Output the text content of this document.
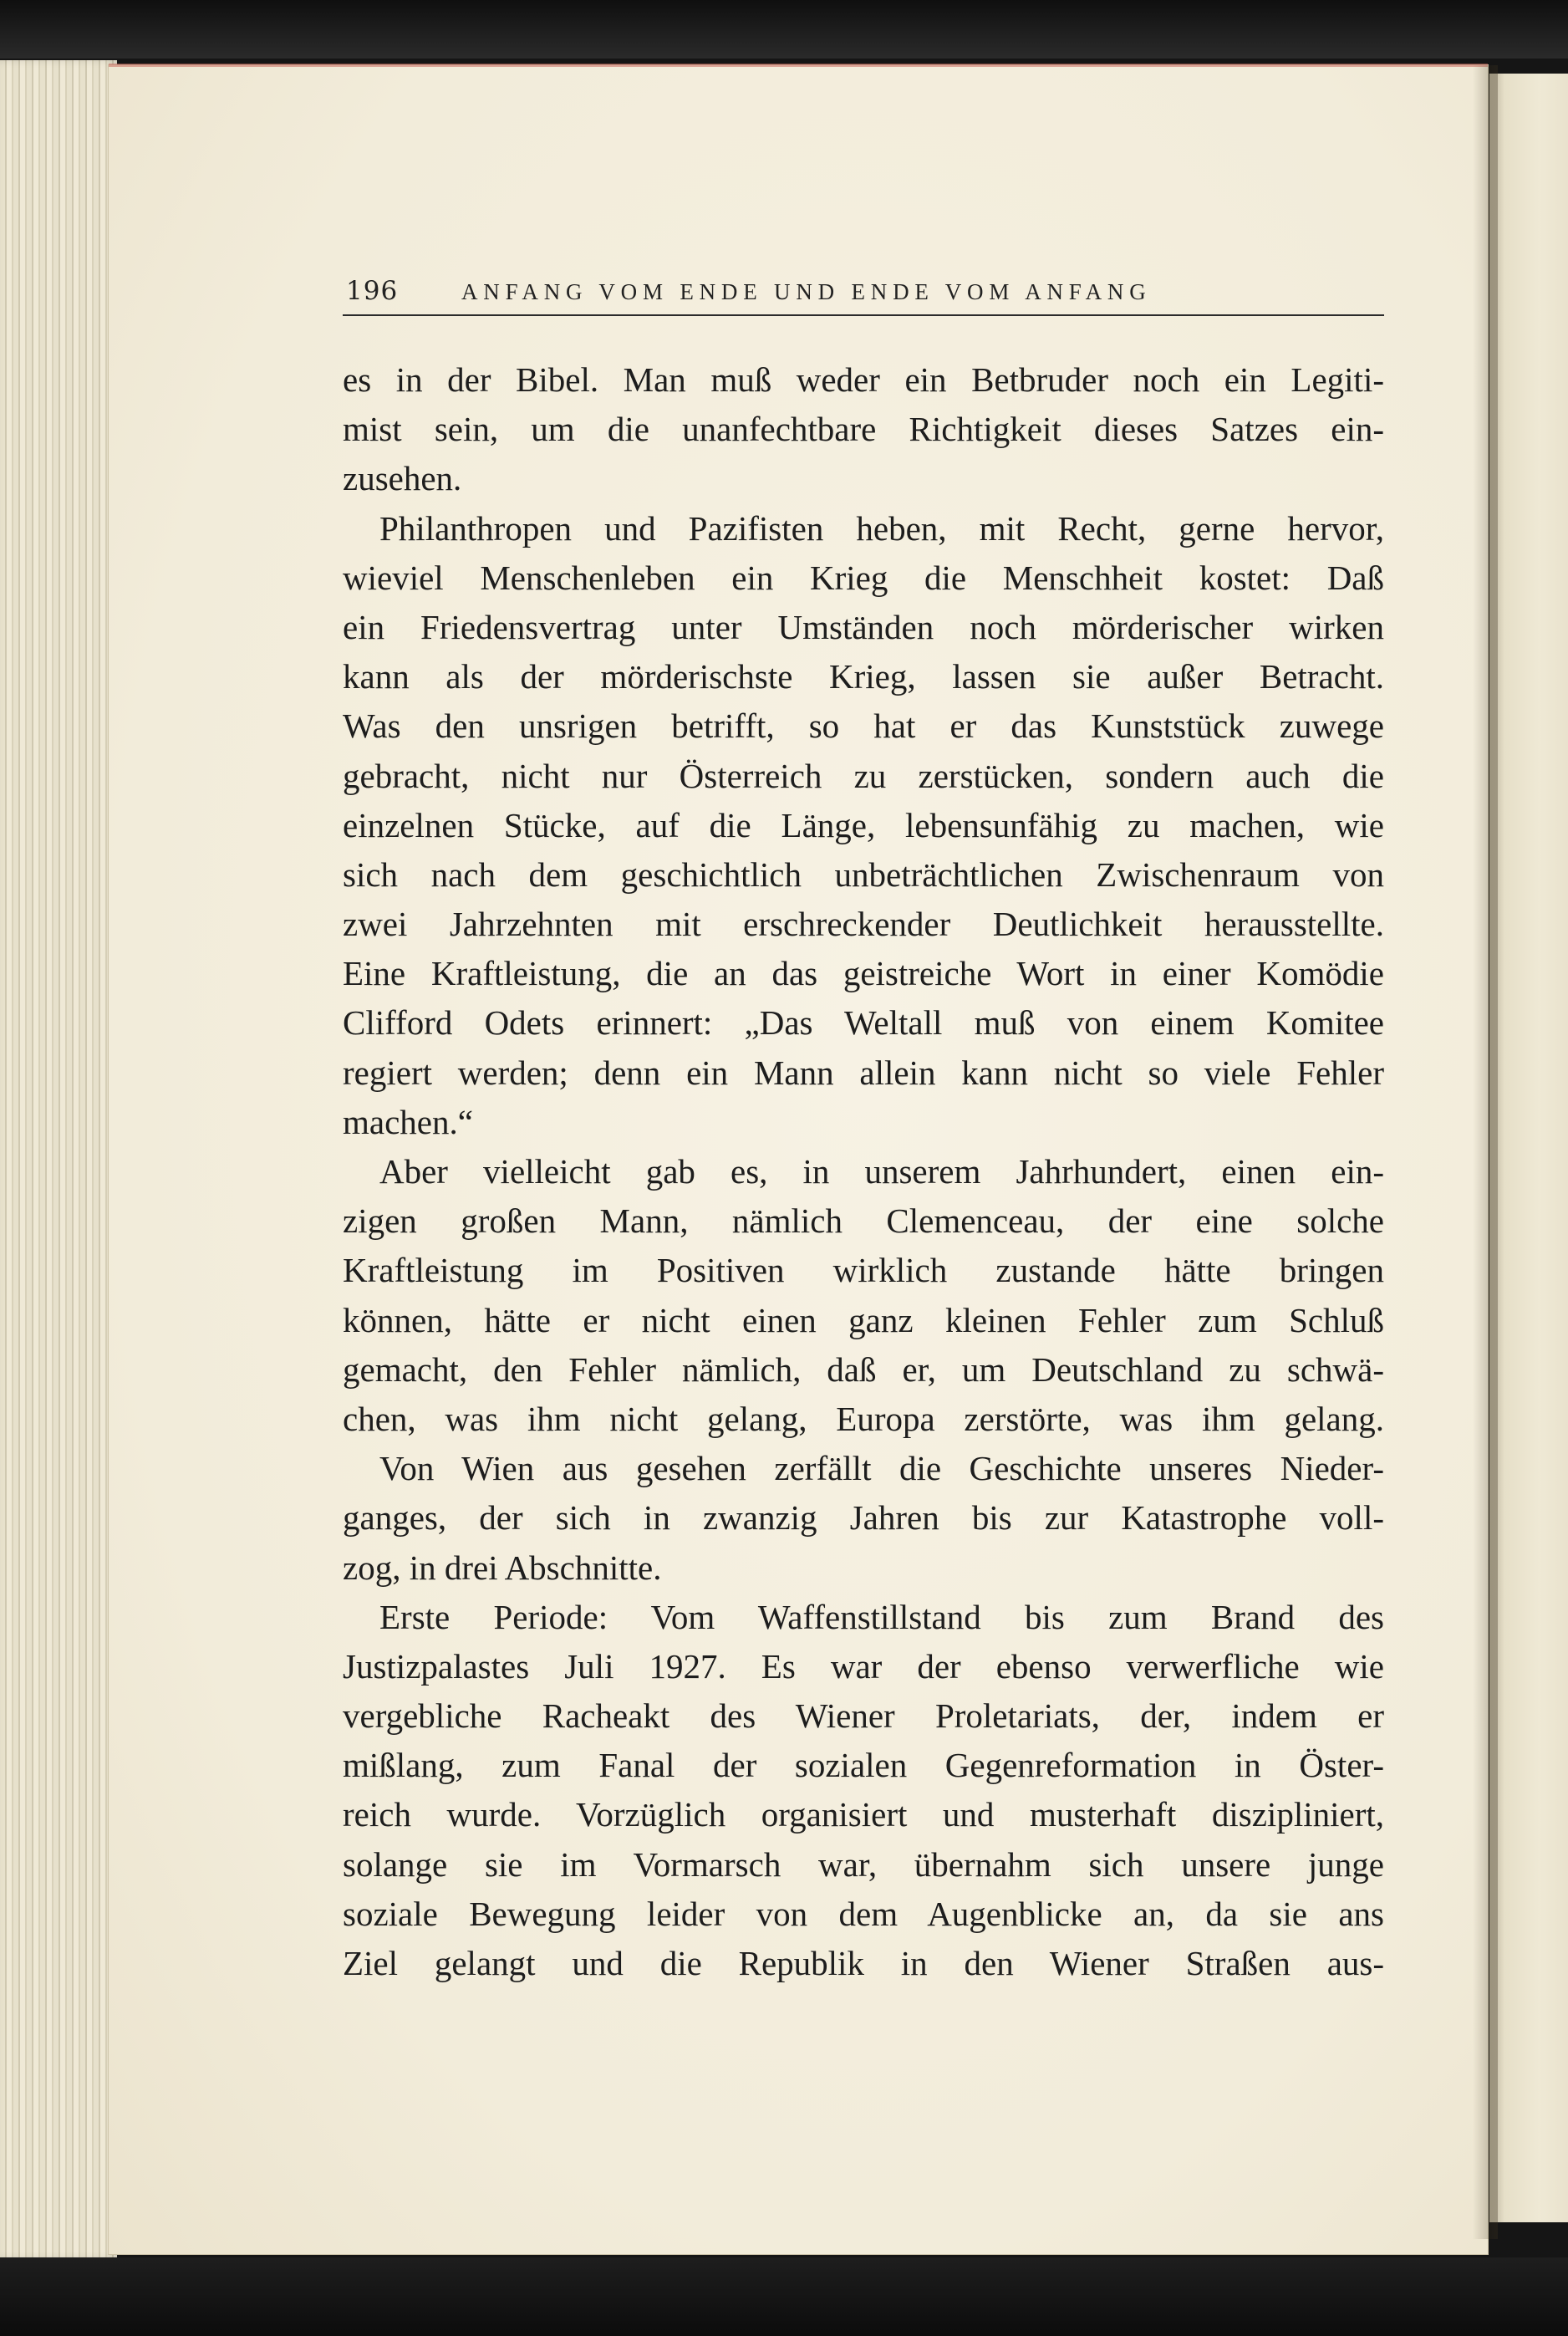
196	ANFANG VOM ENDE UND ENDE VOM ANFANG
es in der Bibel. Man muß weder ein Betbruder noch ein Legiti-
mist sein, um die unanfechtbare Richtigkeit dieses Satzes ein-
zusehen.
Philanthropen und Pazifisten heben, mit Recht, gerne hervor,
wieviel Menschenleben ein Krieg die Menschheit kostet: Daß
ein Friedensvertrag unter Umständen noch mörderischer wirken
kann als der mörderischste Krieg, lassen sie außer Betracht.
Was den unsrigen betrifft, so hat er das Kunststück zuwege
gebracht, nicht nur Österreich zu zerstücken, sondern auch die
einzelnen Stücke, auf die Länge, lebensunfähig zu machen, wie
sich nach dem geschichtlich unbeträchtlichen Zwischenraum von
zwei Jahrzehnten mit erschreckender Deutlichkeit herausstellte.
Eine Kraftleistung, die an das geistreiche Wort in einer Komödie
Clifford Odets erinnert: „Das Weltall muß von einem Komitee
regiert werden; denn ein Mann allein kann nicht so viele Fehler
machen.“
Aber vielleicht gab es, in unserem Jahrhundert, einen ein-
zigen großen Mann, nämlich Clemenceau, der eine solche
Kraftleistung im Positiven wirklich zustande hätte bringen
können, hätte er nicht einen ganz kleinen Fehler zum Schluß
gemacht, den Fehler nämlich, daß er, um Deutschland zu schwä-
chen, was ihm nicht gelang, Europa zerstörte, was ihm gelang.
Von Wien aus gesehen zerfällt die Geschichte unseres Nieder-
ganges, der sich in zwanzig Jahren bis zur Katastrophe voll-
zog, in drei Abschnitte.
Erste Periode: Vom Waffenstillstand bis zum Brand des
Justizpalastes Juli 1927. Es war der ebenso verwerfliche wie
vergebliche Racheakt des Wiener Proletariats, der, indem er
mißlang, zum Fanal der sozialen Gegenreformation in Öster-
reich wurde. Vorzüglich organisiert und musterhaft diszipliniert,
solange sie im Vormarsch war, übernahm sich unsere junge
soziale Bewegung leider von dem Augenblicke an, da sie ans
Ziel gelangt und die Republik in den Wiener Straßen aus-
